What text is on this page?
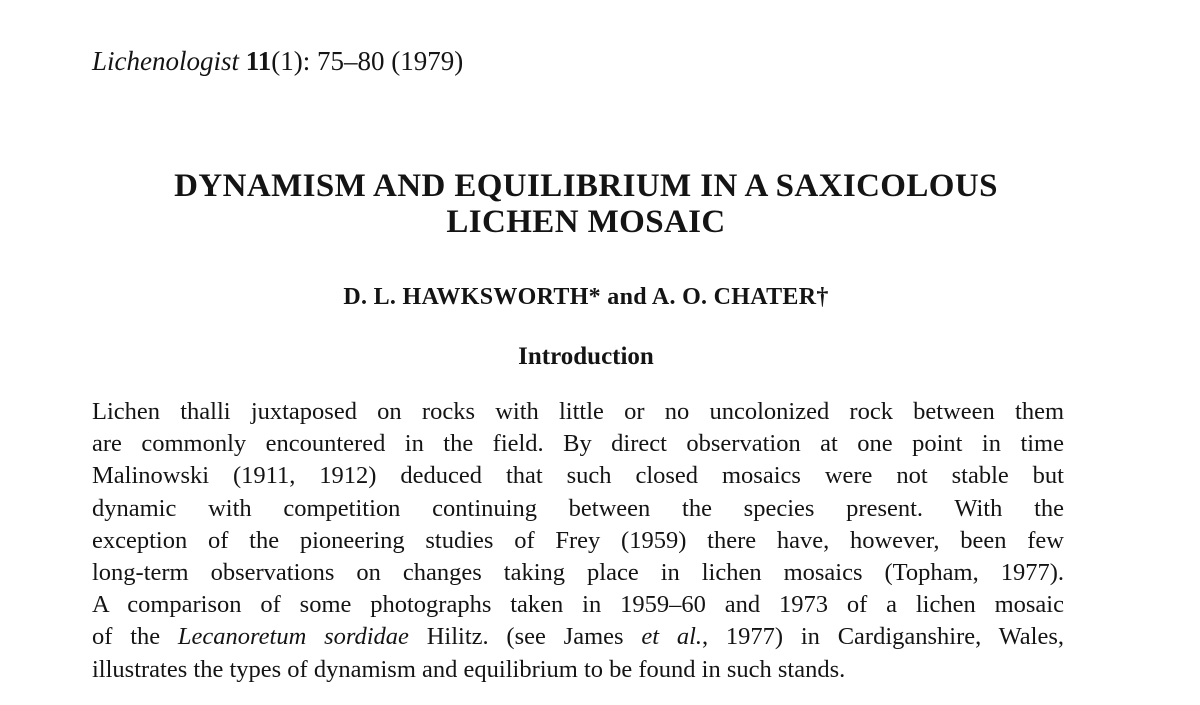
Lichenologist 11(1): 75–80 (1979)
DYNAMISM AND EQUILIBRIUM IN A SAXICOLOUS
LICHEN MOSAIC
D. L. HAWKSWORTH* and A. O. CHATER†
Introduction
Lichen thalli juxtaposed on rocks with little or no uncolonized rock between them
are commonly encountered in the field. By direct observation at one point in time
Malinowski (1911, 1912) deduced that such closed mosaics were not stable but
dynamic with competition continuing between the species present. With the
exception of the pioneering studies of Frey (1959) there have, however, been few
long-term observations on changes taking place in lichen mosaics (Topham, 1977).
A comparison of some photographs taken in 1959–60 and 1973 of a lichen mosaic
of the Lecanoretum sordidae Hilitz. (see James et al., 1977) in Cardiganshire, Wales,
illustrates the types of dynamism and equilibrium to be found in such stands.
